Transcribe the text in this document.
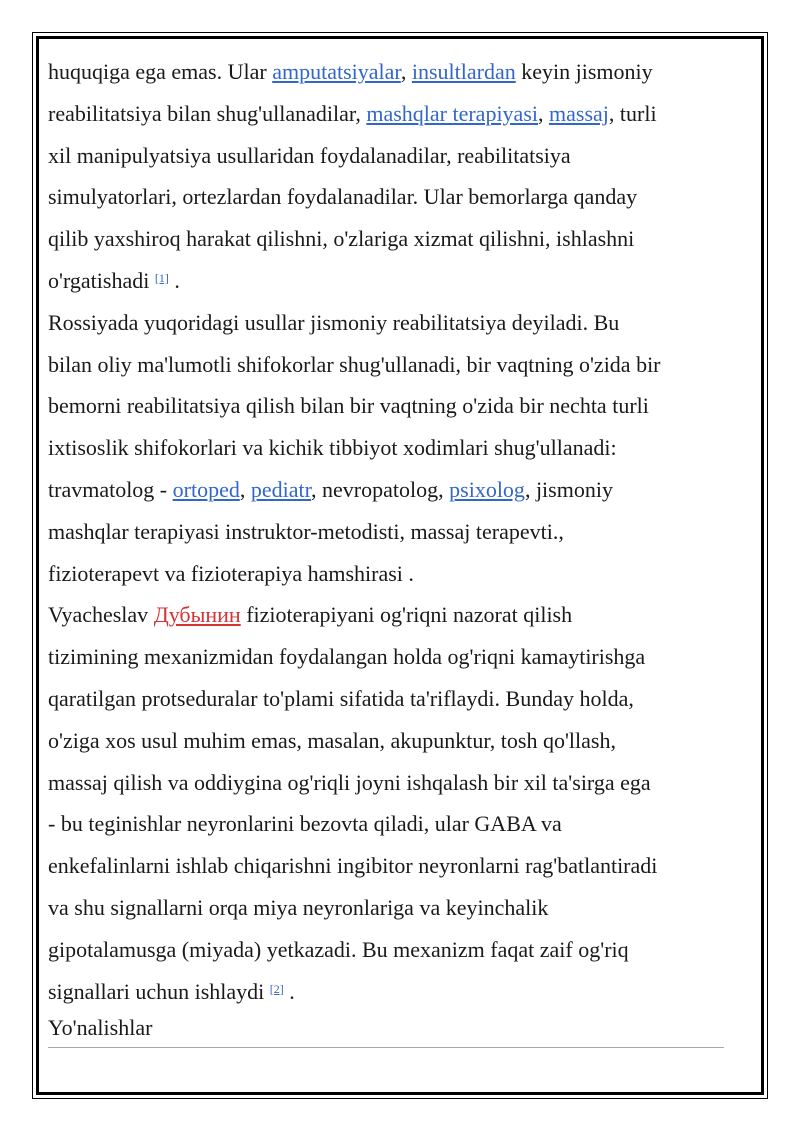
huquqiga ega emas. Ular amputatsiyalar, insultlardan keyin jismoniy
reabilitatsiya bilan shug'ullanadilar, mashqlar terapiyasi, massaj, turli
xil manipulyatsiya usullaridan foydalanadilar, reabilitatsiya
simulyatorlari, ortezlardan foydalanadilar. Ular bemorlarga qanday
qilib yaxshiroq harakat qilishni, o'zlariga xizmat qilishni, ishlashni
o'rgatishadi [1] .
Rossiyada yuqoridagi usullar jismoniy reabilitatsiya deyiladi. Bu
bilan oliy ma'lumotli shifokorlar shug'ullanadi, bir vaqtning o'zida bir
bemorni reabilitatsiya qilish bilan bir vaqtning o'zida bir nechta turli
ixtisoslik shifokorlari va kichik tibbiyot xodimlari shug'ullanadi:
travmatolog - ortoped, pediatr, nevropatolog, psixolog, jismoniy
mashqlar terapiyasi instruktor-metodisti, massaj terapevti.,
fizioterapevt va fizioterapiya hamshirasi .
Vyacheslav Дубынин fizioterapiyani og'riqni nazorat qilish
tizimining mexanizmidan foydalangan holda og'riqni kamaytirishga
qaratilgan protseduralar to'plami sifatida ta'riflaydi. Bunday holda,
o'ziga xos usul muhim emas, masalan, akupunktur, tosh qo'llash,
massaj qilish va oddiygina og'riqli joyni ishqalash bir xil ta'sirga ega
- bu teginishlar neyronlarini bezovta qiladi, ular GABA va
enkefalinlarni ishlab chiqarishni ingibitor neyronlarni rag'batlantiradi
va shu signallarni orqa miya neyronlariga va keyinchalik
gipotalamusga (miyada) yetkazadi. Bu mexanizm faqat zaif og'riq
signallari uchun ishlaydi [2] .
Yo'nalishlar
